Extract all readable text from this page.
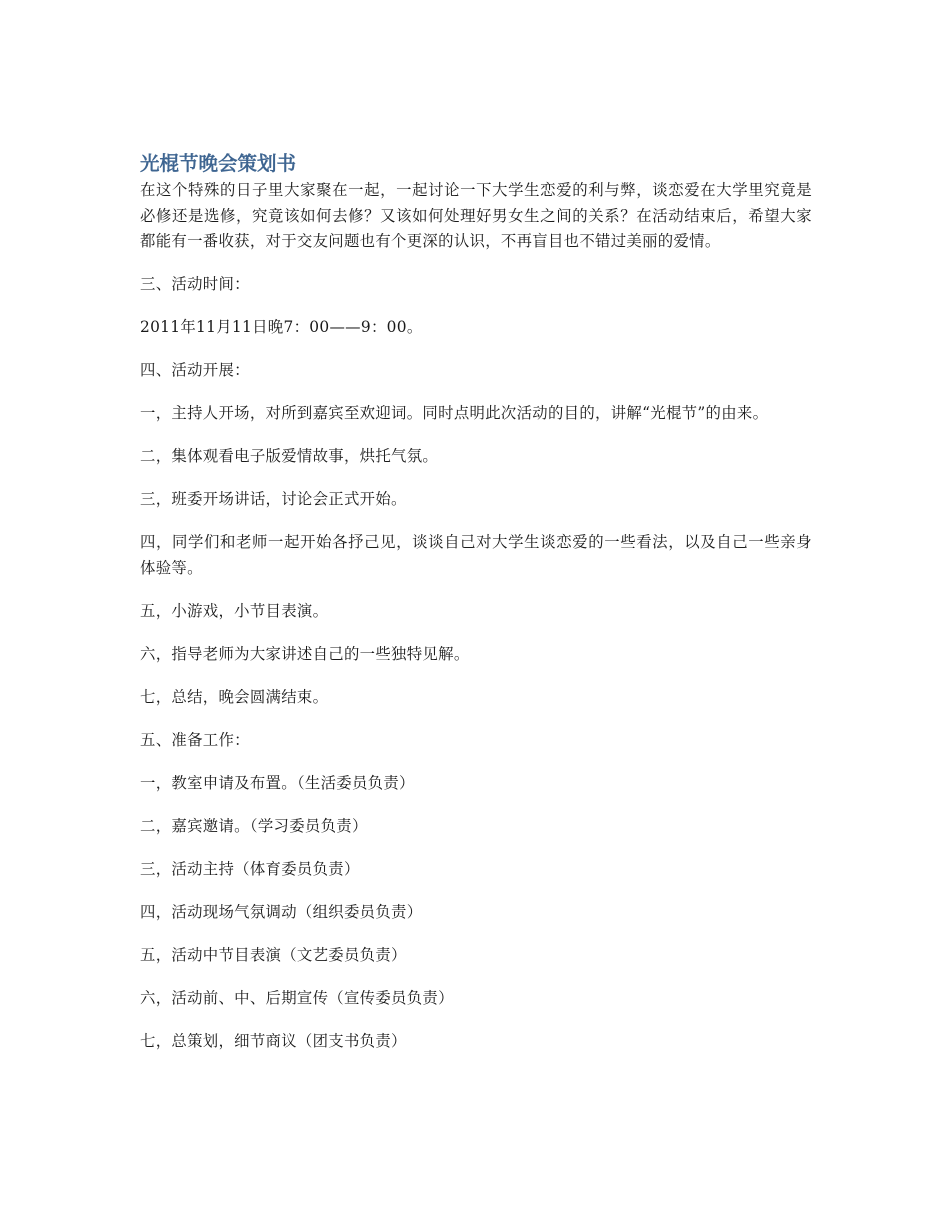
光棍节晚会策划书

在这个特殊的日子里大家聚在一起，一起讨论一下大学生恋爱的利与弊，谈恋爱在大学里究竟是必修还是选修，究竟该如何去修？又该如何处理好男女生之间的关系？在活动结束后，希望大家都能有一番收获，对于交友问题也有个更深的认识，不再盲目也不错过美丽的爱情。

三、活动时间：

2011年11月11日晚7：00——9：00。

四、活动开展：

一，主持人开场，对所到嘉宾至欢迎词。同时点明此次活动的目的，讲解“光棍节”的由来。

二，集体观看电子版爱情故事，烘托气氛。

三，班委开场讲话，讨论会正式开始。

四，同学们和老师一起开始各抒己见，谈谈自己对大学生谈恋爱的一些看法，以及自己一些亲身体验等。

五，小游戏，小节目表演。

六，指导老师为大家讲述自己的一些独特见解。

七，总结，晚会圆满结束。

五、准备工作：

一，教室申请及布置。（生活委员负责）

二，嘉宾邀请。（学习委员负责）

三，活动主持（体育委员负责）

四，活动现场气氛调动（组织委员负责）

五，活动中节目表演（文艺委员负责）

六，活动前、中、后期宣传（宣传委员负责）

七，总策划，细节商议（团支书负责）
